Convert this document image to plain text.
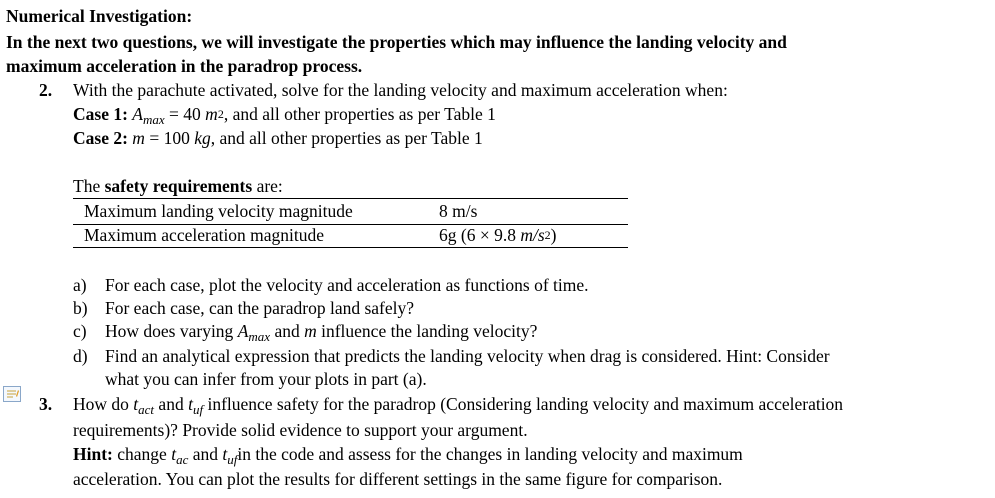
Numerical Investigation:
In the next two questions, we will investigate the properties which may influence the landing velocity and
maximum acceleration in the paradrop process.
2. With the parachute activated, solve for the landing velocity and maximum acceleration when:
Case 1: $A_{max} = 40$ $m^2$, and all other properties as per Table 1
Case 2: m = 100 kg, and all other properties as per Table 1
The safety requirements are:
Maximum landing velocity magnitude	8 m/s
Maximum acceleration magnitude	6g (6 × 9.8 $m/s^2$)
a) For each case, plot the velocity and acceleration as functions of time.
b) For each case, can the paradrop land safely?
c) How does varying $A_{max}$ and m influence the landing velocity?
d) Find an analytical expression that predicts the landing velocity when drag is considered. Hint: Consider
what you can infer from your plots in part (a).
3. How do $t_{act}$ and $t_{uf}$ influence safety for the paradrop (Considering landing velocity and maximum acceleration
requirements)? Provide solid evidence to support your argument.
Hint: change $t_{ac}$ and $t_{uf}in$ the code and assess for the changes in landing velocity and maximum
acceleration. You can plot the results for different settings in the same figure for comparison.
